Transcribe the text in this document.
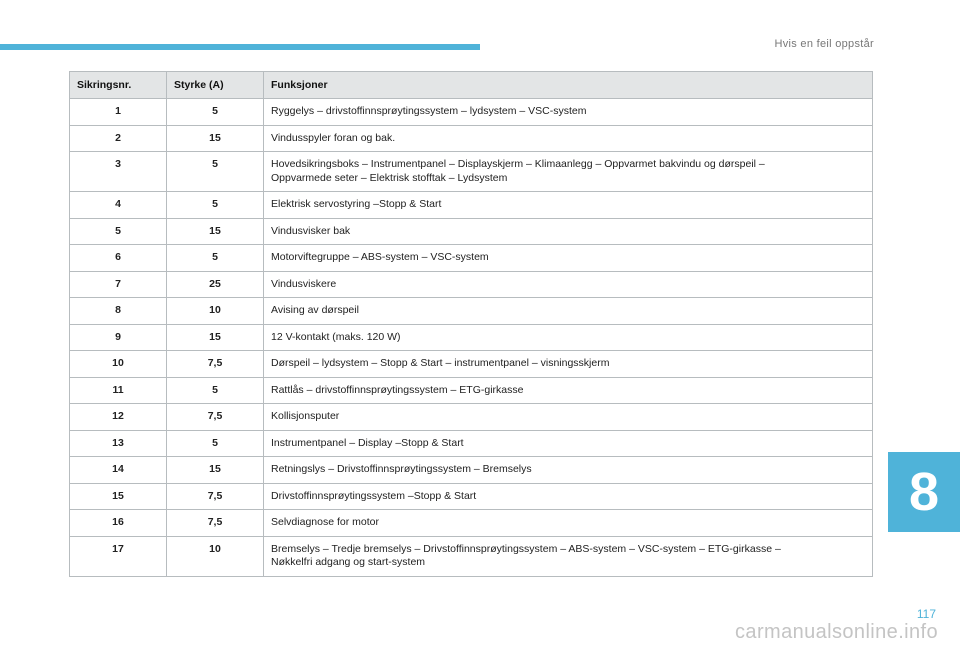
Hvis en feil oppstår
Sikringsnr.	Styrke (A)	Funksjoner
1	5	Ryggelys – drivstoffinnsprøytingssystem – lydsystem – VSC-system

2	15	Vindusspyler foran og bak.

3	5	Hovedsikringsboks – Instrumentpanel – Displayskjerm – Klimaanlegg – Oppvarmet bakvindu og dørspeil –
Oppvarmede seter – Elektrisk stofftak – Lydsystem

4	5	Elektrisk servostyring –Stopp & Start

5	15	Vindusvisker bak

6	5	Motorviftegruppe – ABS-system – VSC-system

7	25	Vindusviskere

8	10	Avising av dørspeil

9	15	12 V-kontakt (maks. 120 W)

10	7,5	Dørspeil – lydsystem – Stopp & Start – instrumentpanel – visningsskjerm

11	5	Rattlås – drivstoffinnsprøytingssystem – ETG-girkasse

12	7,5	Kollisjonsputer

13	5	Instrumentpanel – Display –Stopp & Start

14	15	Retningslys – Drivstoffinnsprøytingssystem – Bremselys

15	7,5	Drivstoffinnsprøytingssystem –Stopp & Start

16	7,5	Selvdiagnose for motor

17	10	Bremselys – Tredje bremselys – Drivstoffinnsprøytingssystem – ABS-system – VSC-system – ETG-girkasse –
Nøkkelfri adgang og start-system
8
117
carmanualsonline.info
